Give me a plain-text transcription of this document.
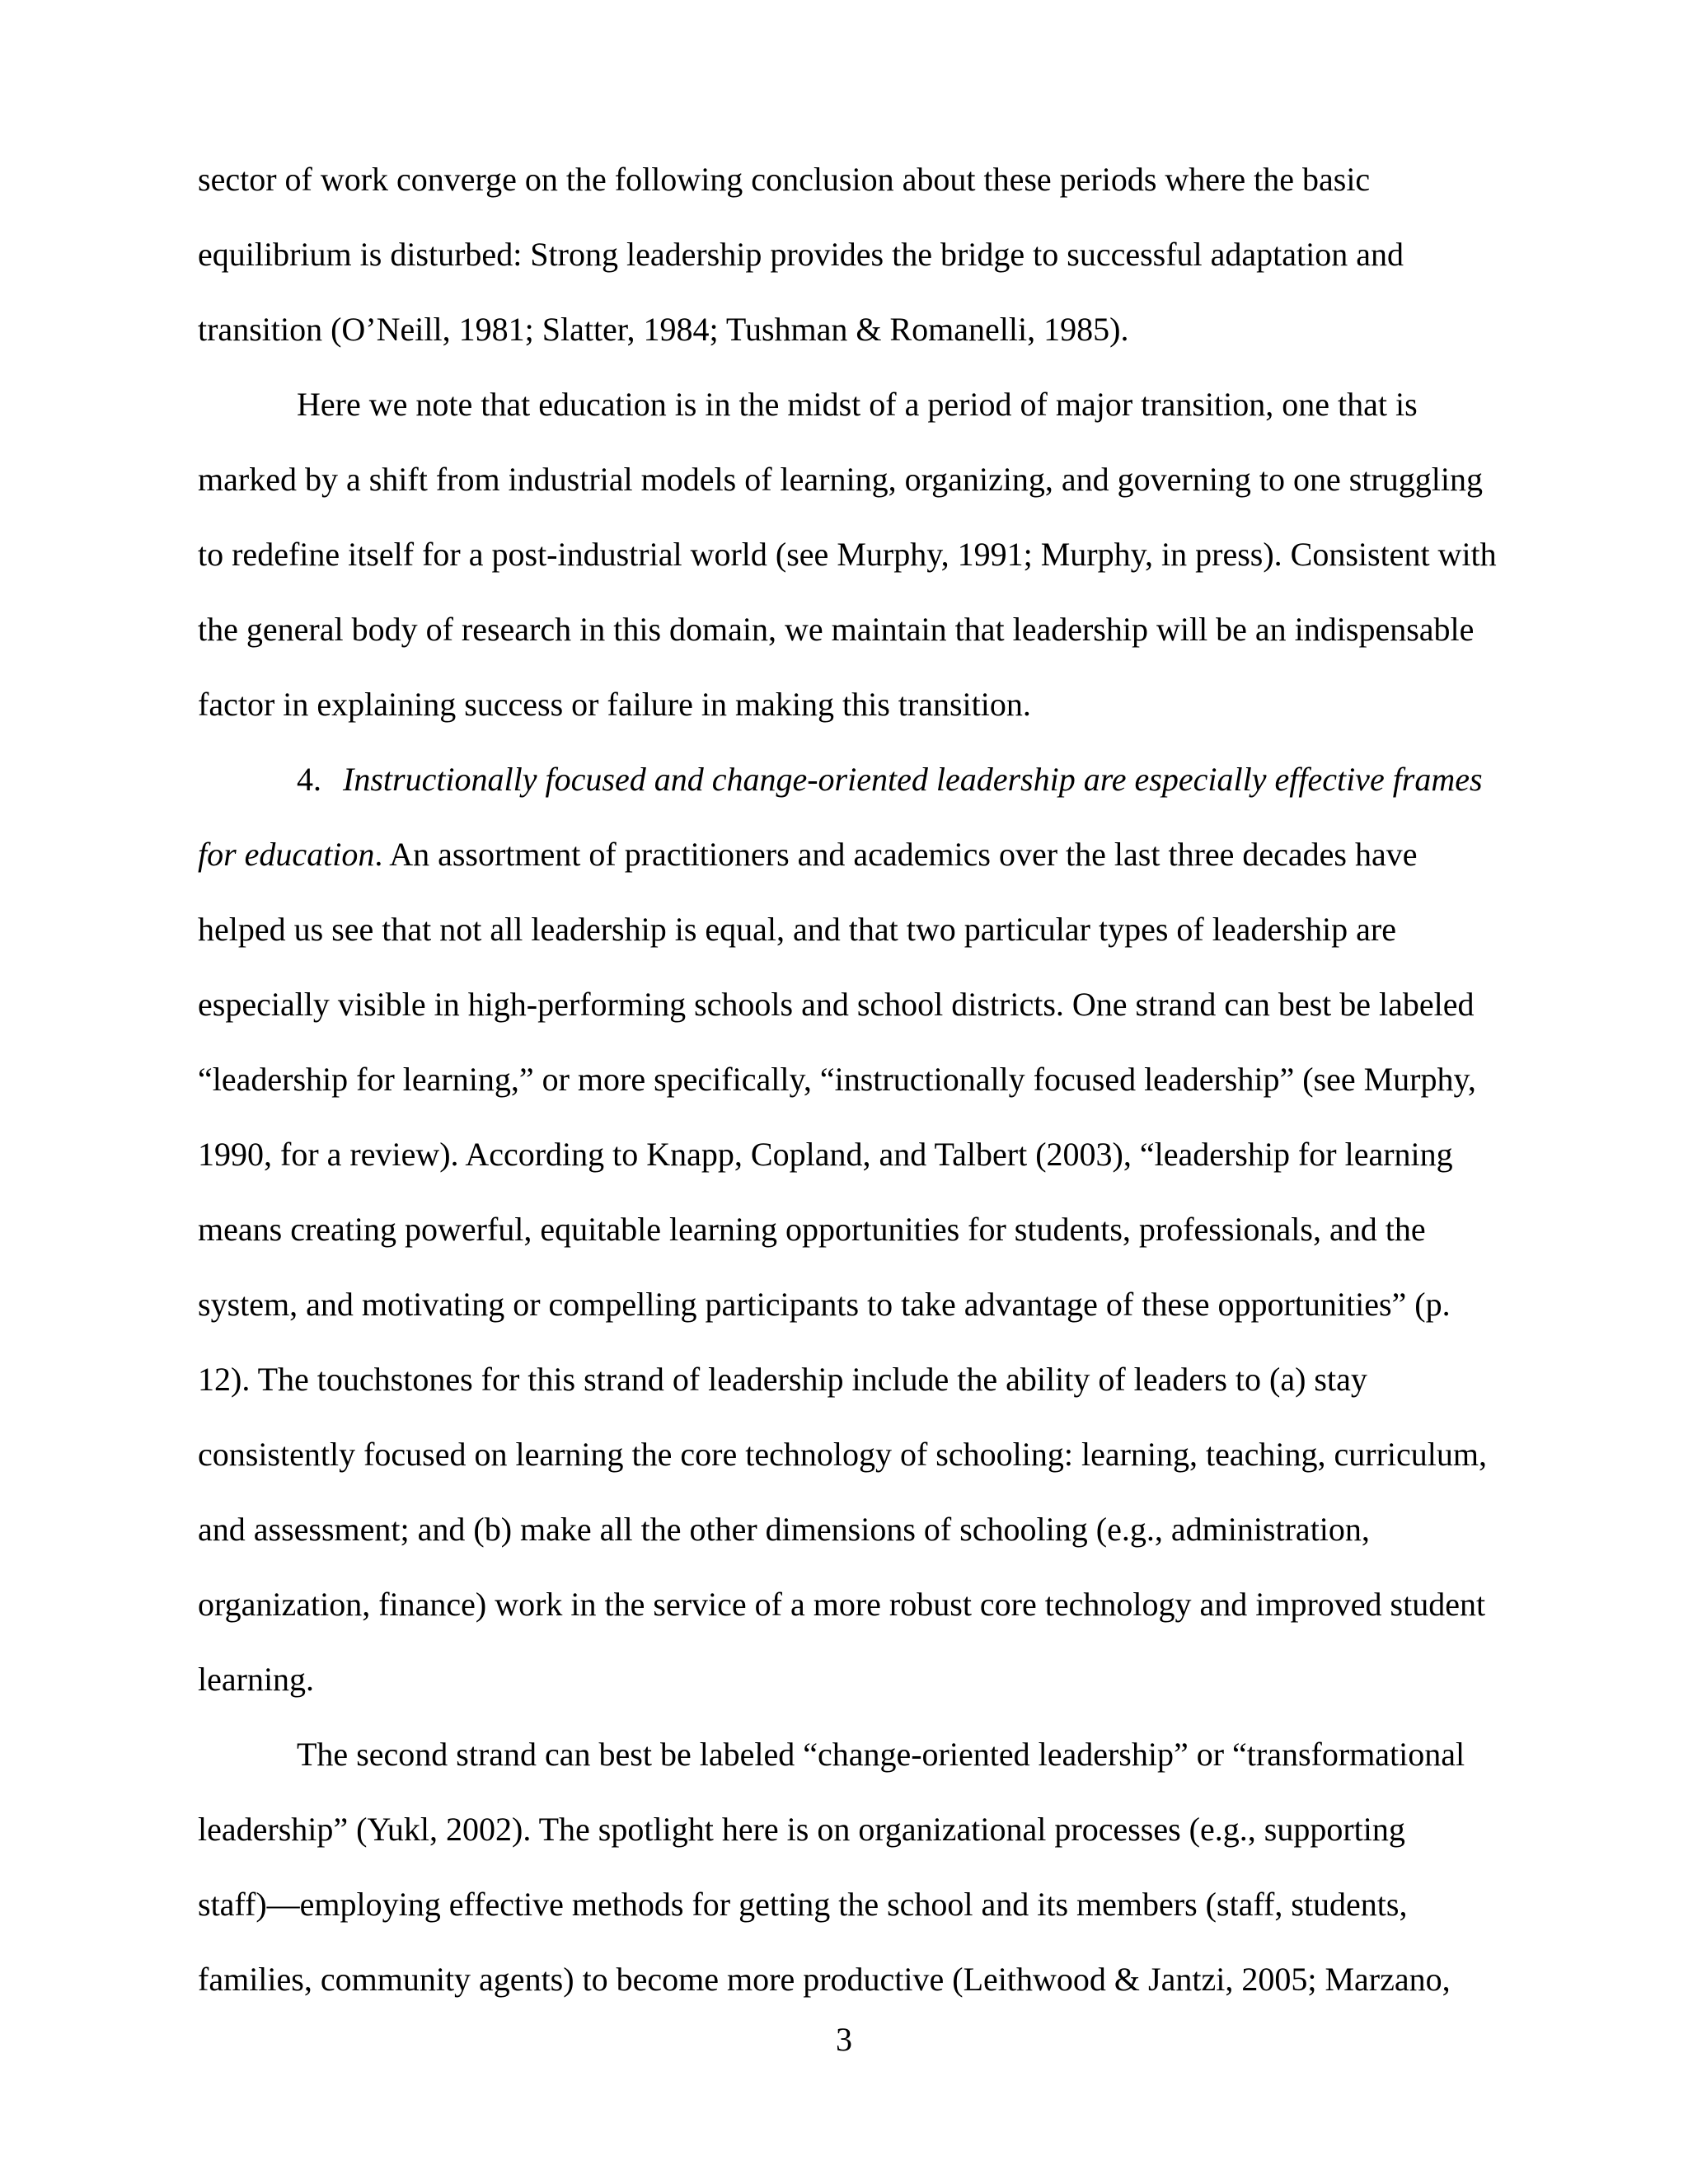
sector of work converge on the following conclusion about these periods where the basic
equilibrium is disturbed: Strong leadership provides the bridge to successful adaptation and
transition (O’Neill, 1981; Slatter, 1984; Tushman & Romanelli, 1985).
Here we note that education is in the midst of a period of major transition, one that is
marked by a shift from industrial models of learning, organizing, and governing to one struggling
to redefine itself for a post-industrial world (see Murphy, 1991; Murphy, in press). Consistent with
the general body of research in this domain, we maintain that leadership will be an indispensable
factor in explaining success or failure in making this transition.
4. Instructionally focused and change-oriented leadership are especially effective frames
for education. An assortment of practitioners and academics over the last three decades have
helped us see that not all leadership is equal, and that two particular types of leadership are
especially visible in high-performing schools and school districts. One strand can best be labeled
“leadership for learning,” or more specifically, “instructionally focused leadership” (see Murphy,
1990, for a review). According to Knapp, Copland, and Talbert (2003), “leadership for learning
means creating powerful, equitable learning opportunities for students, professionals, and the
system, and motivating or compelling participants to take advantage of these opportunities” (p.
12). The touchstones for this strand of leadership include the ability of leaders to (a) stay
consistently focused on learning the core technology of schooling: learning, teaching, curriculum,
and assessment; and (b) make all the other dimensions of schooling (e.g., administration,
organization, finance) work in the service of a more robust core technology and improved student
learning.
The second strand can best be labeled “change-oriented leadership” or “transformational
leadership” (Yukl, 2002). The spotlight here is on organizational processes (e.g., supporting
staff)—employing effective methods for getting the school and its members (staff, students,
families, community agents) to become more productive (Leithwood & Jantzi, 2005; Marzano,
3
